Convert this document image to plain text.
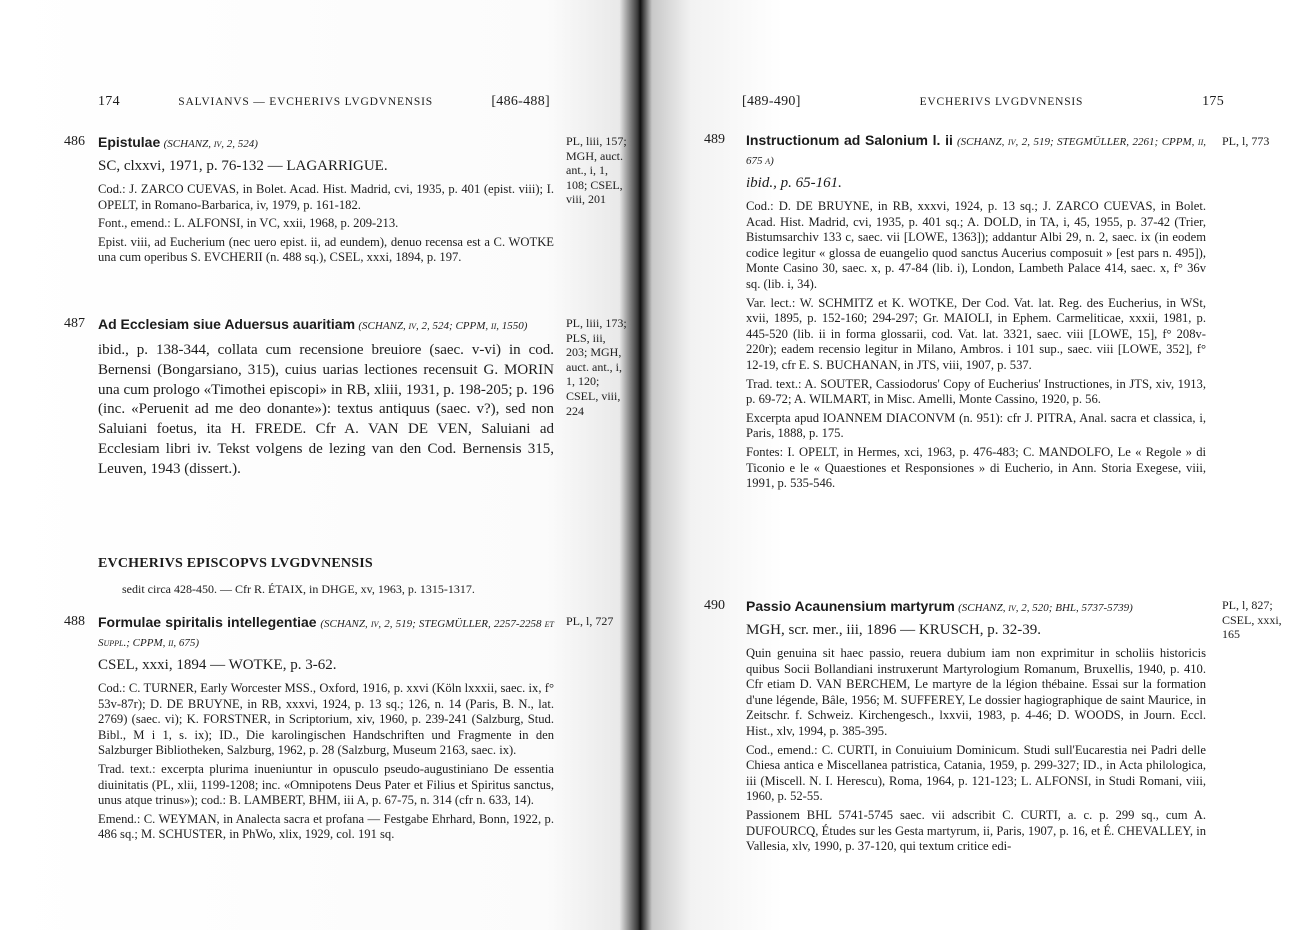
174	SALVIANVS — EVCHERIVS LVGDVNENSIS	[486-488]
486 Epistulae (SCHANZ, iv, 2, 524)

SC, clxxvi, 1971, p. 76-132 — LAGARRIGUE.

Cod.: J. ZARCO CUEVAS, in Bolet. Acad. Hist. Madrid, cvi, 1935, p. 401 (epist. viii); I. OPELT, in Romano-Barbarica, iv, 1979, p. 161-182.

Font., emend.: L. ALFONSI, in VC, xxii, 1968, p. 209-213.

Epist. viii, ad Eucherium (nec uero epist. ii, ad eundem), denuo recensa est a C. WOTKE una cum operibus S. EVCHERII (n. 488 sq.), CSEL, xxxi, 1894, p. 197.

PL, liii, 157; MGH, auct. ant., i, 1, 108; CSEL, viii, 201
487 Ad Ecclesiam siue Aduersus auaritiam (SCHANZ, iv, 2, 524; CPPM, ii, 1550)

ibid., p. 138-344, collata cum recensione breuiore (saec. v-vi) in cod. Bernensi (Bongarsiano, 315), cuius uarias lectiones recensuit G. MORIN una cum prologo «Timothei episcopi» in RB, xliii, 1931, p. 198-205; p. 196 (inc. «Peruenit ad me deo donante»): textus antiquus (saec. v?), sed non Saluiani foetus, ita H. FREDE. Cfr A. VAN DE VEN, Saluiani ad Ecclesiam libri iv. Tekst volgens de lezing van den Cod. Bernensis 315, Leuven, 1943 (dissert.).

PL, liii, 173; PLS, iii, 203; MGH, auct. ant., i, 1, 120; CSEL, viii, 224
EVCHERIVS EPISCOPVS LVGDVNENSIS
sedit circa 428-450. — Cfr R. ÉTAIX, in DHGE, xv, 1963, p. 1315-1317.
488 Formulae spiritalis intellegentiae (SCHANZ, iv, 2, 519; STEGMÜLLER, 2257-2258 et Suppl.; CPPM, ii, 675)

CSEL, xxxi, 1894 — WOTKE, p. 3-62.

Cod.: C. TURNER, Early Worcester MSS., Oxford, 1916, p. xxvi (Köln lxxxii, saec. ix, f° 53v-87r); D. DE BRUYNE, in RB, xxxvi, 1924, p. 13 sq.; 126, n. 14 (Paris, B. N., lat. 2769) (saec. vi); K. FORSTNER, in Scriptorium, xiv, 1960, p. 239-241 (Salzburg, Stud. Bibl., M i 1, s. ix); ID., Die karolingischen Handschriften und Fragmente in den Salzburger Bibliotheken, Salzburg, 1962, p. 28 (Salzburg, Museum 2163, saec. ix).

Trad. text.: excerpta plurima inueniuntur in opusculo pseudo-augustiniano De essentia diuinitatis (PL, xlii, 1199-1208; inc. «Omnipotens Deus Pater et Filius et Spiritus sanctus, unus atque trinus»); cod.: B. LAMBERT, BHM, iii A, p. 67-75, n. 314 (cfr n. 633, 14).

Emend.: C. WEYMAN, in Analecta sacra et profana — Festgabe Ehrhard, Bonn, 1922, p. 486 sq.; M. SCHUSTER, in PhWo, xlix, 1929, col. 191 sq.

PL, l, 727
[489-490]	EVCHERIVS LVGDVNENSIS	175
489 Instructionum ad Salonium l. ii (SCHANZ, iv, 2, 519; STEGMÜLLER, 2261; CPPM, ii, 675 a)

ibid., p. 65-161.

Cod.: D. DE BRUYNE, in RB, xxxvi, 1924, p. 13 sq.; J. ZARCO CUEVAS, in Bolet. Acad. Hist. Madrid, cvi, 1935, p. 401 sq.; A. DOLD, in TA, i, 45, 1955, p. 37-42 (Trier, Bistumsarchiv 133 c, saec. vii [LOWE, 1363]); addantur Albi 29, n. 2, saec. ix (in eodem codice legitur « glossa de euangelio quod sanctus Aucerius composuit » [est pars n. 495]), Monte Casino 30, saec. x, p. 47-84 (lib. i), London, Lambeth Palace 414, saec. x, f° 36v sq. (lib. i, 34).

Var. lect.: W. SCHMITZ et K. WOTKE, Der Cod. Vat. lat. Reg. des Eucherius, in WSt, xvii, 1895, p. 152-160; 294-297; Gr. MAIOLI, in Ephem. Carmeliticae, xxxii, 1981, p. 445-520 (lib. ii in forma glossarii, cod. Vat. lat. 3321, saec. viii [LOWE, 15], f° 208v-220r); eadem recensio legitur in Milano, Ambros. i 101 sup., saec. viii [LOWE, 352], f° 12-19, cfr E. S. BUCHANAN, in JTS, viii, 1907, p. 537.

Trad. text.: A. SOUTER, Cassiodorus' Copy of Eucherius' Instructiones, in JTS, xiv, 1913, p. 69-72; A. WILMART, in Misc. Amelli, Monte Cassino, 1920, p. 56.

Excerpta apud IOANNEM DIACONVM (n. 951): cfr J. PITRA, Anal. sacra et classica, i, Paris, 1888, p. 175.

Fontes: I. OPELT, in Hermes, xci, 1963, p. 476-483; C. MANDOLFO, Le « Regole » di Ticonio e le « Quaestiones et Responsiones » di Eucherio, in Ann. Storia Exegese, viii, 1991, p. 535-546.

PL, l, 773
490 Passio Acaunensium martyrum (SCHANZ, iv, 2, 520; BHL, 5737-5739)

MGH, scr. mer., iii, 1896 — KRUSCH, p. 32-39.

Quin genuina sit haec passio, reuera dubium iam non exprimitur in scholiis historicis quibus Socii Bollandiani instruxerunt Martyrologium Romanum, Bruxellis, 1940, p. 410. Cfr etiam D. VAN BERCHEM, Le martyre de la légion thébaine. Essai sur la formation d'une légende, Bâle, 1956; M. SUFFEREY, Le dossier hagiographique de saint Maurice, in Zeitschr. f. Schweiz. Kirchengesch., lxxvii, 1983, p. 4-46; D. WOODS, in Journ. Eccl. Hist., xlv, 1994, p. 385-395.

Cod., emend.: C. CURTI, in Conuiuium Dominicum. Studi sull'Eucarestia nei Padri delle Chiesa antica e Miscellanea patristica, Catania, 1959, p. 299-327; ID., in Acta philologica, iii (Miscell. N. I. Herescu), Roma, 1964, p. 121-123; L. ALFONSI, in Studi Romani, viii, 1960, p. 52-55.

Passionem BHL 5741-5745 saec. vii adscribit C. CURTI, a. c. p. 299 sq., cum A. DUFOURCQ, Études sur les Gesta martyrum, ii, Paris, 1907, p. 16, et É. CHEVALLEY, in Vallesia, xlv, 1990, p. 37-120, qui textum critice edi-

PL, l, 827; CSEL, xxxi, 165
